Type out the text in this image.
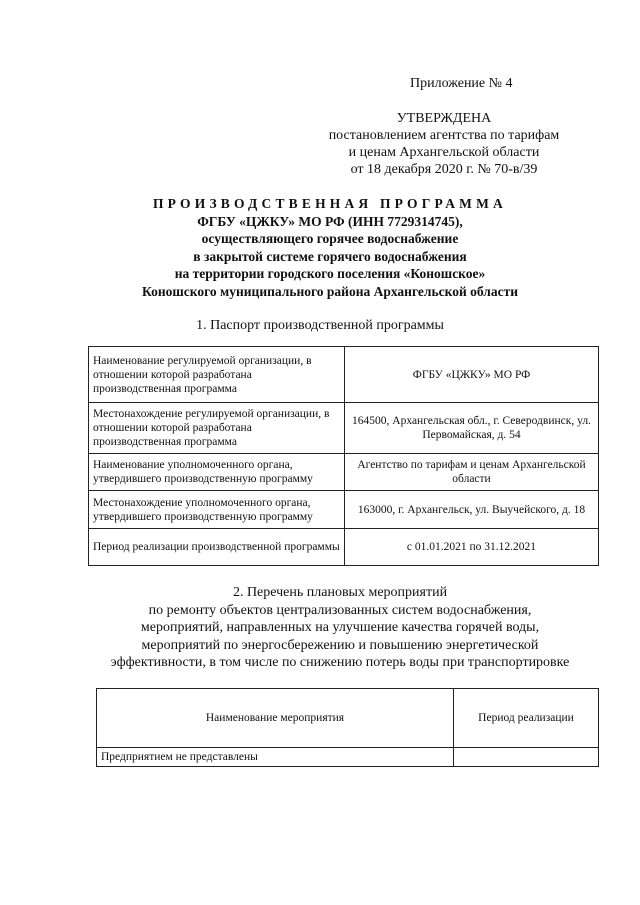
Приложение № 4
УТВЕРЖДЕНА
постановлением агентства по тарифам
и ценам Архангельской области
от 18 декабря 2020 г. № 70-в/39
ПРОИЗВОДСТВЕННАЯ ПРОГРАММА
ФГБУ «ЦЖКУ» МО РФ (ИНН 7729314745),
осуществляющего горячее водоснабжение
в закрытой системе горячего водоснабжения
на территории городского поселения «Коношское»
Коношского муниципального района Архангельской области
1. Паспорт производственной программы
Наименование регулируемой организации, в отношении которой разработана производственная программа	ФГБУ «ЦЖКУ» МО РФ
Местонахождение регулируемой организации, в отношении которой разработана производственная программа	164500, Архангельская обл., г. Северодвинск, ул. Первомайская, д. 54
Наименование уполномоченного органа, утвердившего производственную программу	Агентство по тарифам и ценам Архангельской области
Местонахождение уполномоченного органа, утвердившего производственную программу	163000, г. Архангельск, ул. Выучейского, д. 18
Период реализации производственной программы	с 01.01.2021 по 31.12.2021
2. Перечень плановых мероприятий
по ремонту объектов централизованных систем водоснабжения,
мероприятий, направленных на улучшение качества горячей воды,
мероприятий по энергосбережению и повышению энергетической
эффективности, в том числе по снижению потерь воды при транспортировке
Наименование мероприятия	Период реализации
Предприятием не представлены	
